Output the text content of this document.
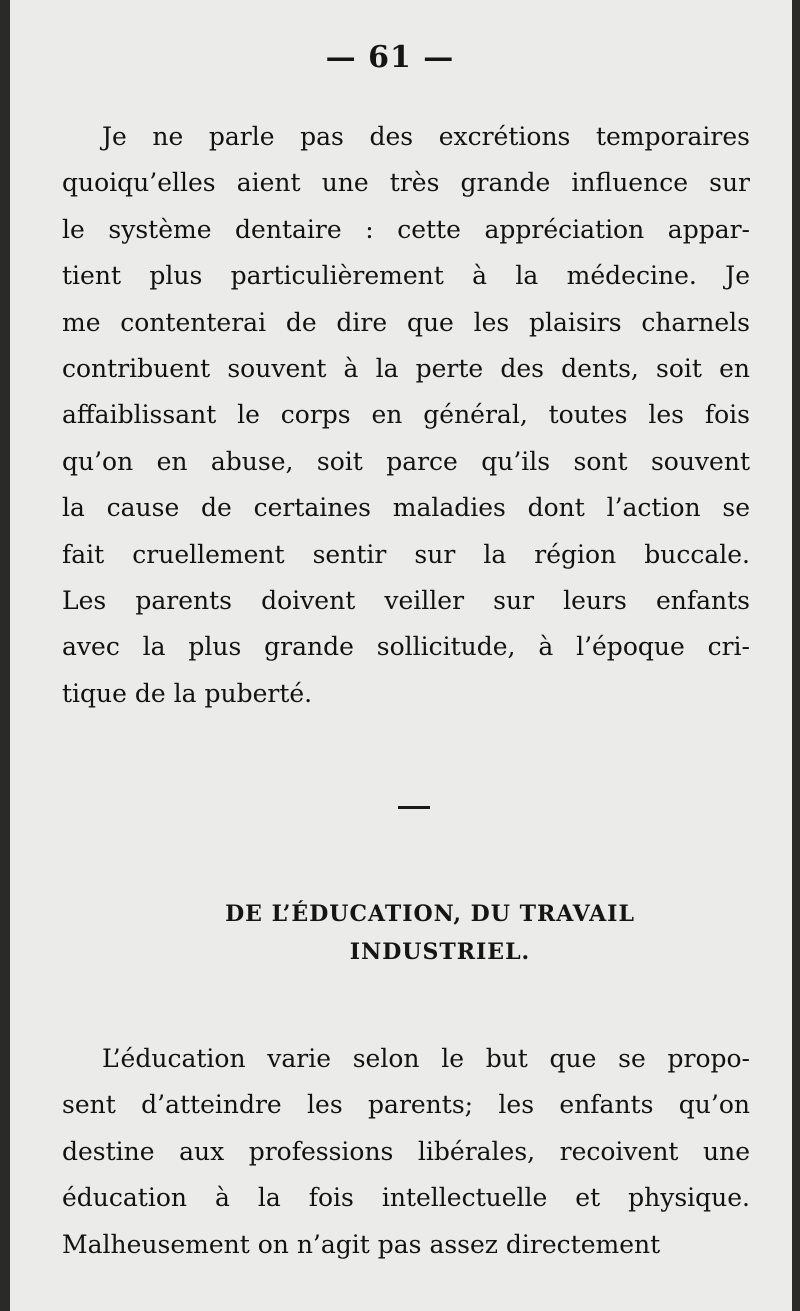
— 61 —
Je ne parle pas des excrétions temporaires
quoiqu’elles aient une très grande influence sur
le système dentaire : cette appréciation appar-
tient plus particulièrement à la médecine. Je
me contenterai de dire que les plaisirs charnels
contribuent souvent à la perte des dents, soit en
affaiblissant le corps en général, toutes les fois
qu’on en abuse, soit parce qu’ils sont souvent
la cause de certaines maladies dont l’action se
fait cruellement sentir sur la région buccale.
Les parents doivent veiller sur leurs enfants
avec la plus grande sollicitude, à l’époque cri-
tique de la puberté.
DE L’ÉDUCATION, DU TRAVAIL
INDUSTRIEL.
L’éducation varie selon le but que se propo-
sent d’atteindre les parents; les enfants qu’on
destine aux professions libérales, recoivent une
éducation à la fois intellectuelle et physique.
Malheusement on n’agit pas assez directement
